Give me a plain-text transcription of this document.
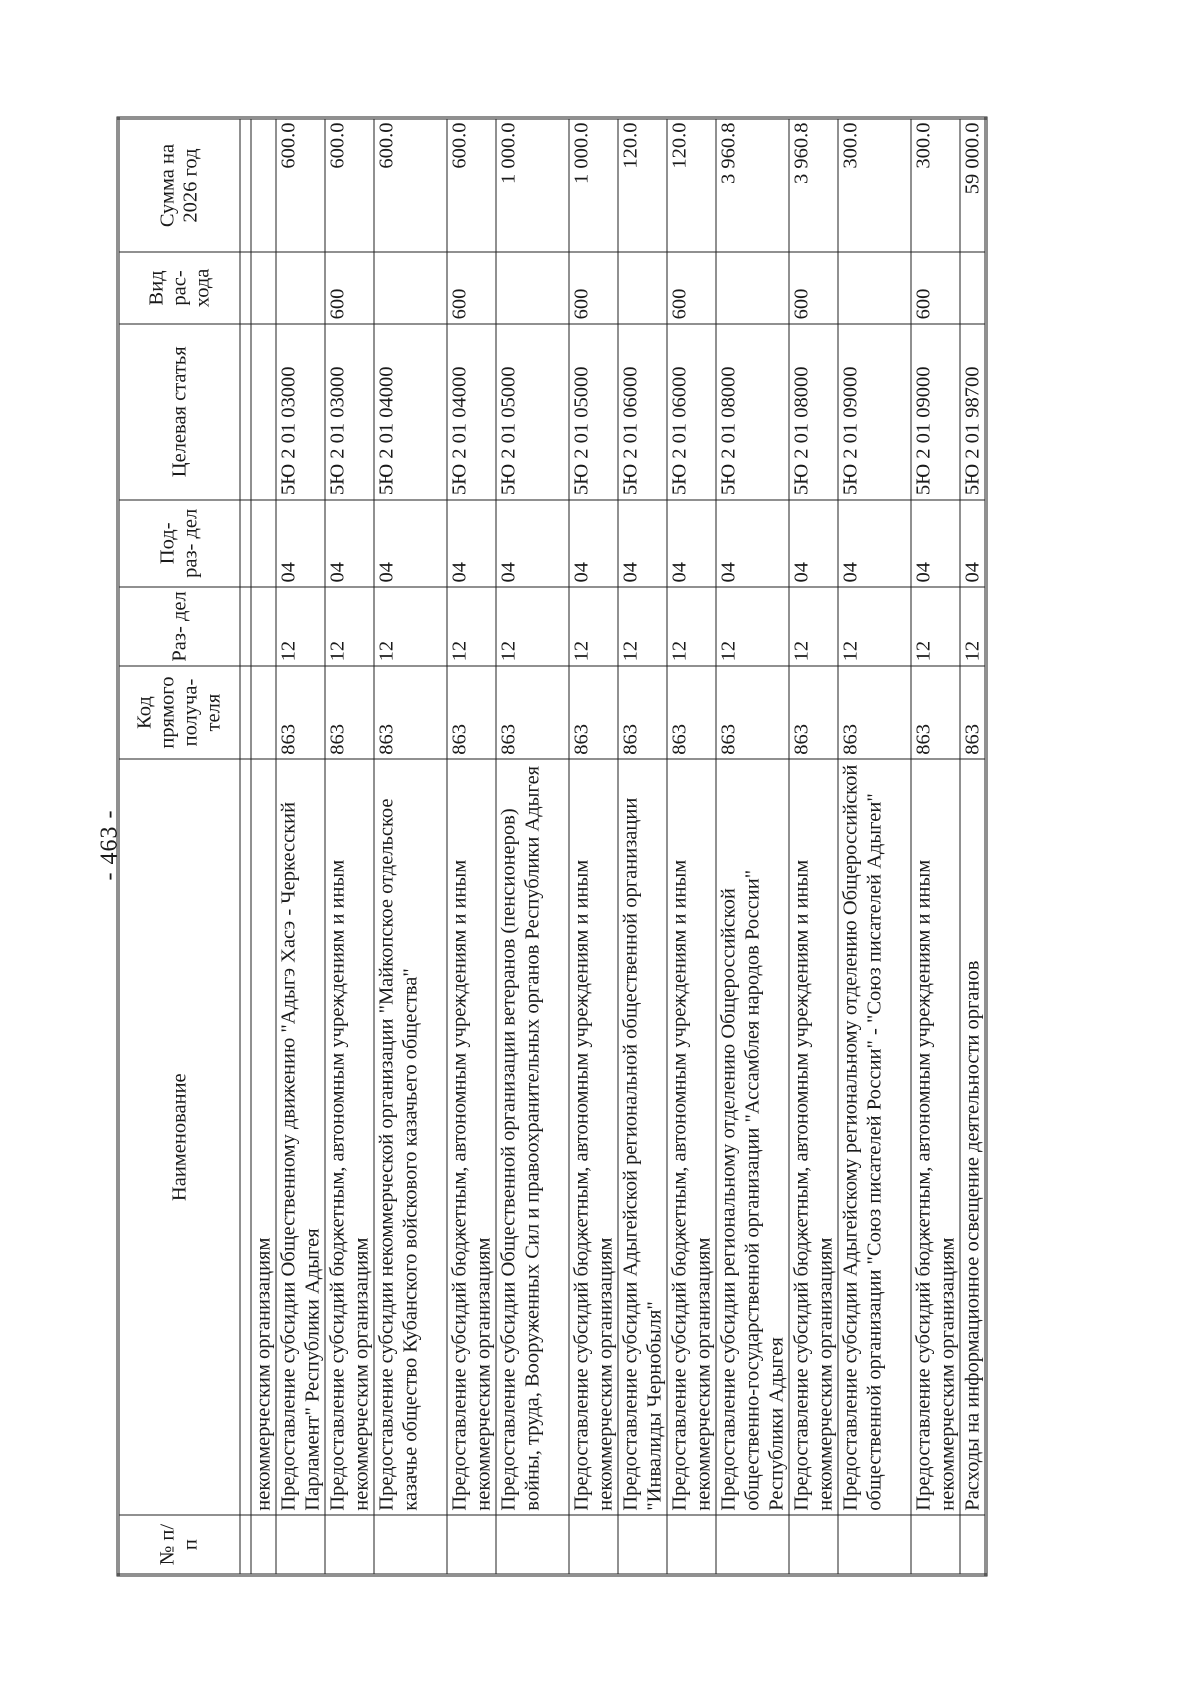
- 463 -
№ п/п	Наименование	Код прямого получа- теля	Раз- дел	Под- раз- дел	Целевая статья	Вид рас- хода	Сумма на 2026 год

	некоммерческим организациям						
	Предоставление субсидии Общественному движению "Адыгэ Хасэ - Черкесский Парламент" Республики Адыгея	863	12	04	5Ю 2 01 03000		600.0
	Предоставление субсидий бюджетным, автономным учреждениям и иным некоммерческим организациям	863	12	04	5Ю 2 01 03000	600	600.0
	Предоставление субсидии некоммерческой организации "Майкопское отдельское казачье общество Кубанского войскового казачьего общества"	863	12	04	5Ю 2 01 04000		600.0
	Предоставление субсидий бюджетным, автономным учреждениям и иным некоммерческим организациям	863	12	04	5Ю 2 01 04000	600	600.0
	Предоставление субсидии Общественной организации ветеранов (пенсионеров) войны, труда, Вооруженных Сил и правоохранительных органов Республики Адыгея	863	12	04	5Ю 2 01 05000		1 000.0
	Предоставление субсидий бюджетным, автономным учреждениям и иным некоммерческим организациям	863	12	04	5Ю 2 01 05000	600	1 000.0
	Предоставление субсидии Адыгейской региональной общественной организации "Инвалиды Чернобыля"	863	12	04	5Ю 2 01 06000		120.0
	Предоставление субсидий бюджетным, автономным учреждениям и иным некоммерческим организациям	863	12	04	5Ю 2 01 06000	600	120.0
	Предоставление субсидии региональному отделению Общероссийской общественно-государственной организации "Ассамблея народов России" Республики Адыгея	863	12	04	5Ю 2 01 08000		3 960.8
	Предоставление субсидий бюджетным, автономным учреждениям и иным некоммерческим организациям	863	12	04	5Ю 2 01 08000	600	3 960.8
	Предоставление субсидии Адыгейскому региональному отделению Общероссийской общественной организации "Союз писателей России" - "Союз писателей Адыгеи"	863	12	04	5Ю 2 01 09000		300.0
	Предоставление субсидий бюджетным, автономным учреждениям и иным некоммерческим организациям	863	12	04	5Ю 2 01 09000	600	300.0
	Расходы на информационное освещение деятельности органов	863	12	04	5Ю 2 01 98700		59 000.0
